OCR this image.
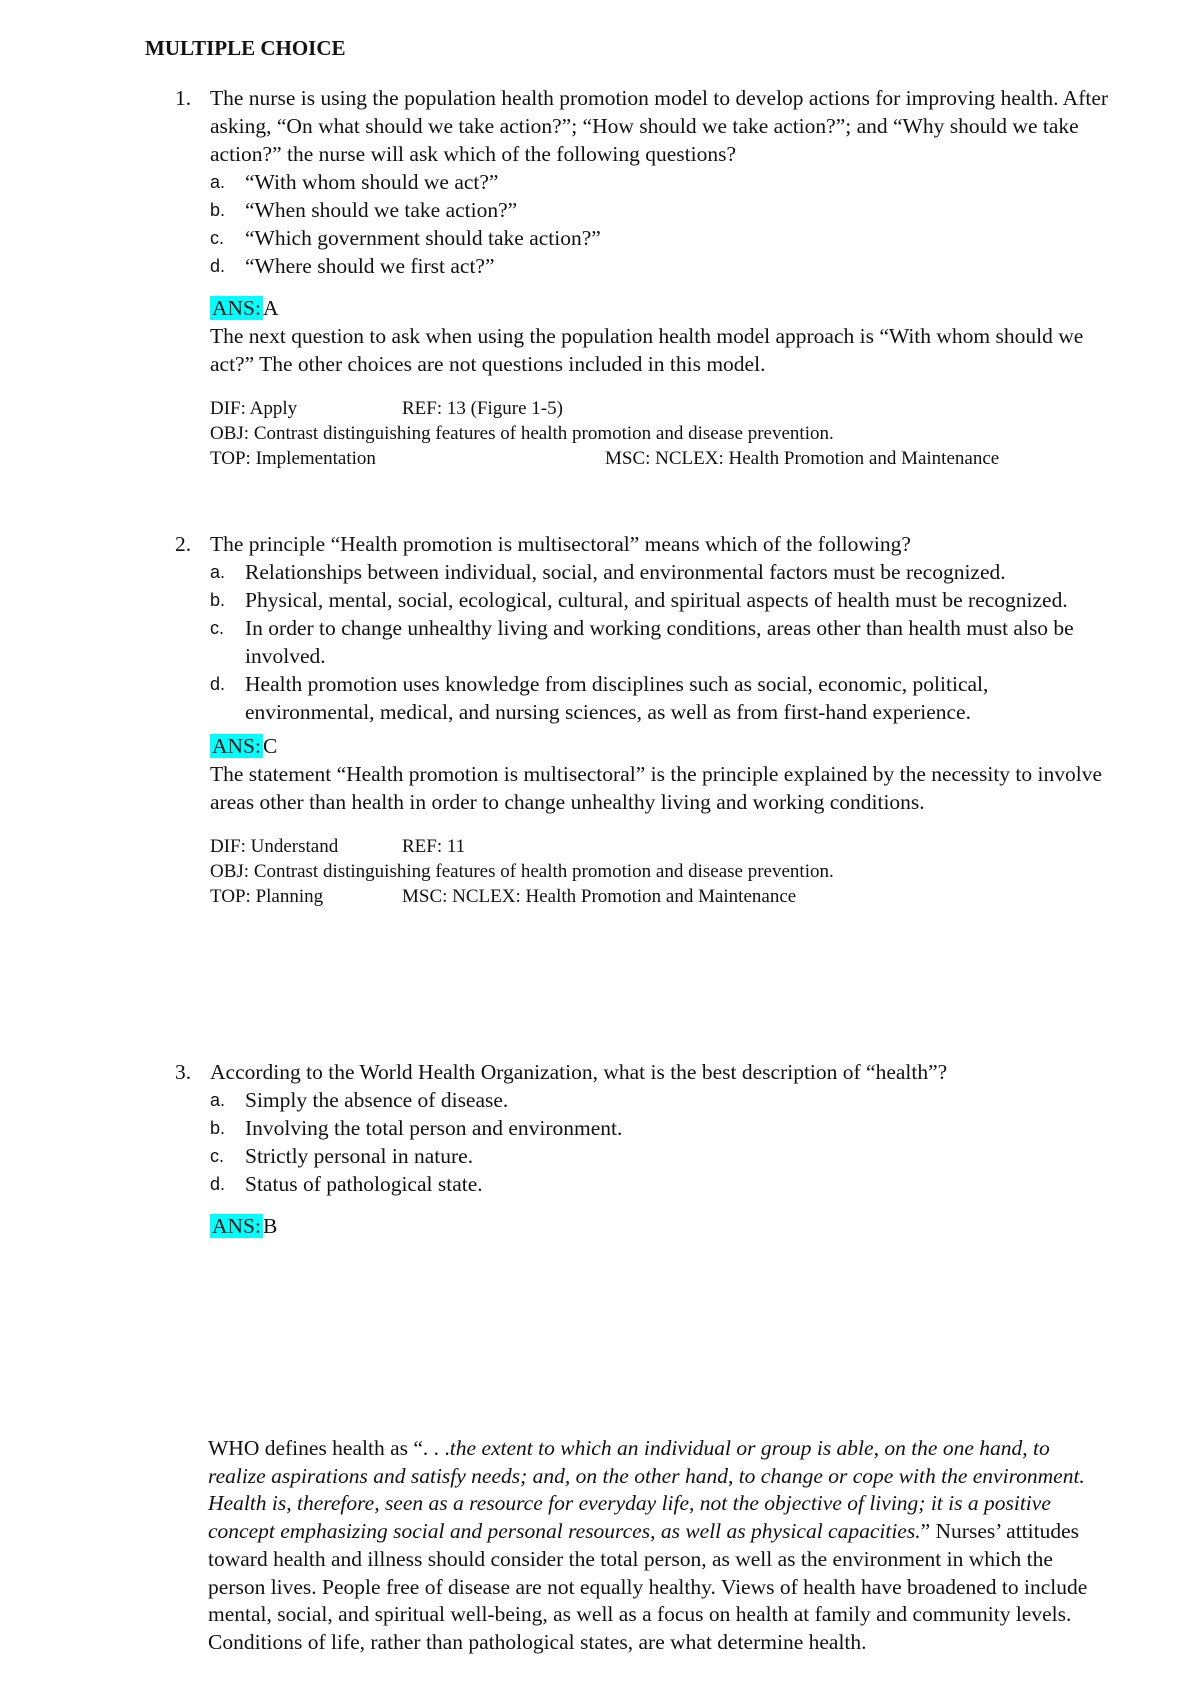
MULTIPLE CHOICE
1. The nurse is using the population health promotion model to develop actions for improving health. After asking, “On what should we take action?”; “How should we take action?”; and “Why should we take action?” the nurse will ask which of the following questions?
a. “With whom should we act?”
b. “When should we take action?”
c. “Which government should take action?”
d. “Where should we first act?”
ANS:A
The next question to ask when using the population health model approach is “With whom should we act?” The other choices are not questions included in this model.
DIF: Apply	REF: 13 (Figure 1-5)
OBJ: Contrast distinguishing features of health promotion and disease prevention.
TOP: Implementation	MSC: NCLEX: Health Promotion and Maintenance
2. The principle “Health promotion is multisectoral” means which of the following?
a. Relationships between individual, social, and environmental factors must be recognized.
b. Physical, mental, social, ecological, cultural, and spiritual aspects of health must be recognized.
c. In order to change unhealthy living and working conditions, areas other than health must also be involved.
d. Health promotion uses knowledge from disciplines such as social, economic, political, environmental, medical, and nursing sciences, as well as from first-hand experience.
ANS:C
The statement “Health promotion is multisectoral” is the principle explained by the necessity to involve areas other than health in order to change unhealthy living and working conditions.
DIF: Understand	REF: 11
OBJ: Contrast distinguishing features of health promotion and disease prevention.
TOP: Planning	MSC: NCLEX: Health Promotion and Maintenance
3. According to the World Health Organization, what is the best description of “health”?
a. Simply the absence of disease.
b. Involving the total person and environment.
c. Strictly personal in nature.
d. Status of pathological state.
ANS:B
WHO defines health as “. . .the extent to which an individual or group is able, on the one hand, to realize aspirations and satisfy needs; and, on the other hand, to change or cope with the environment. Health is, therefore, seen as a resource for everyday life, not the objective of living; it is a positive concept emphasizing social and personal resources, as well as physical capacities.” Nurses’ attitudes toward health and illness should consider the total person, as well as the environment in which the person lives. People free of disease are not equally healthy. Views of health have broadened to include mental, social, and spiritual well-being, as well as a focus on health at family and community levels. Conditions of life, rather than pathological states, are what determine health.
